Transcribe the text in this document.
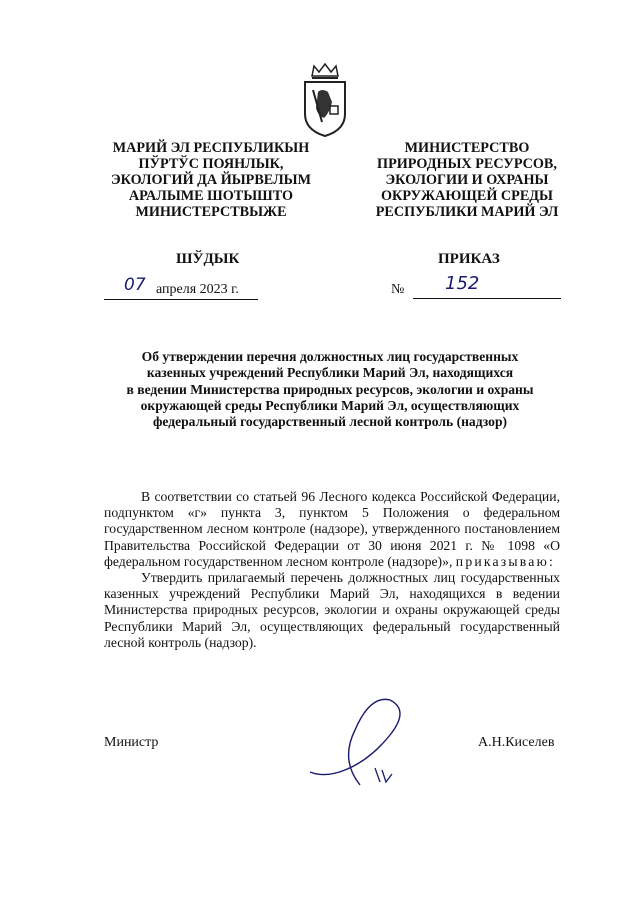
МАРИЙ ЭЛ РЕСПУБЛИКЫН
ПЎРТЎС ПОЯНЛЫК,
ЭКОЛОГИЙ ДА ЙЫРВЕЛЫМ
АРАЛЫМЕ ШОТЫШТО
МИНИСТЕРСТВЫЖЕ
МИНИСТЕРСТВО
ПРИРОДНЫХ РЕСУРСОВ,
ЭКОЛОГИИ И ОХРАНЫ
ОКРУЖАЮЩЕЙ СРЕДЫ
РЕСПУБЛИКИ МАРИЙ ЭЛ
ШЎДЫК	ПРИКАЗ
07 апреля 2023 г.	№ 152
Об утверждении перечня должностных лиц государственных
казенных учреждений Республики Марий Эл, находящихся
в ведении Министерства природных ресурсов, экологии и охраны
окружающей среды Республики Марий Эл, осуществляющих
федеральный государственный лесной контроль (надзор)

В соответствии со статьей 96 Лесного кодекса Российской Федерации, подпунктом «г» пункта 3, пунктом 5 Положения о федеральном государственном лесном контроле (надзоре), утвержденного постановлением Правительства Российской Федерации от 30 июня 2021 г. № 1098 «О федеральном государственном лесном контроле (надзоре)», приказываю:

Утвердить прилагаемый перечень должностных лиц государственных казенных учреждений Республики Марий Эл, находящихся в ведении Министерства природных ресурсов, экологии и охраны окружающей среды Республики Марий Эл, осуществляющих федеральный государственный лесной контроль (надзор).

Министр	А.Н.Киселев
